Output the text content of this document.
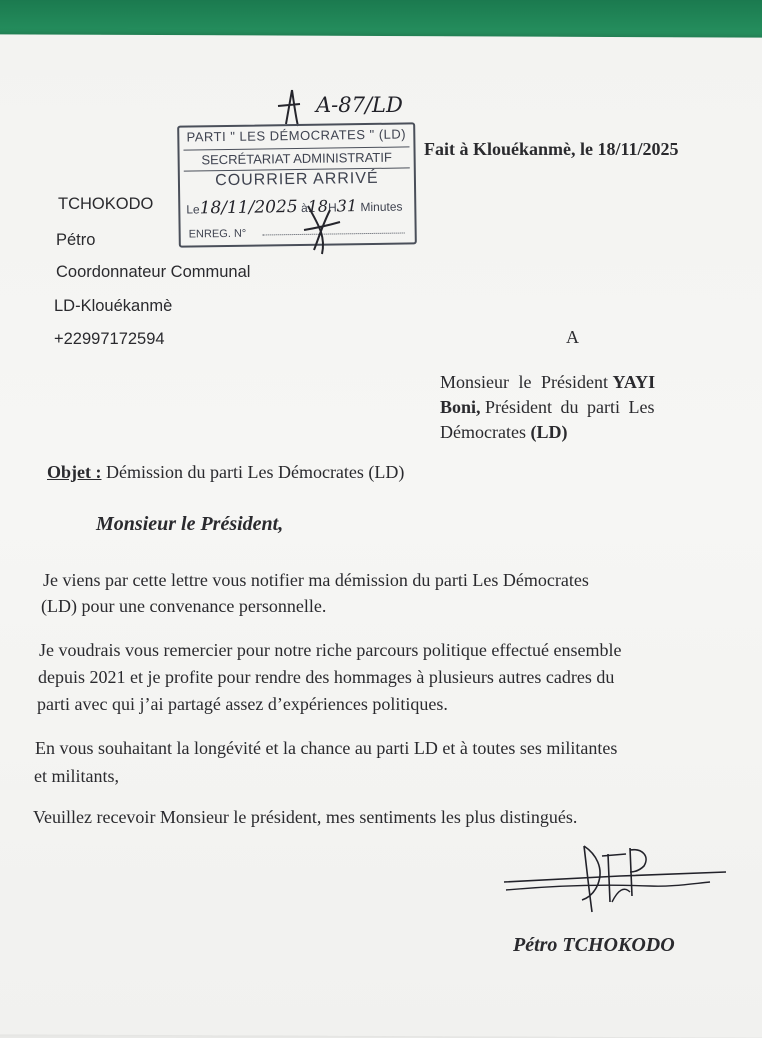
A-87/LD
PARTI " LES DÉMOCRATES " (LD)
SECRÉTARIAT ADMINISTRATIF
COURRIER ARRIVÉ
Le18/11/2025 à18H31 Minutes
ENREG. N°
Fait à Klouékanmè, le 18/11/2025
TCHOKODO
Pétro
Coordonnateur Communal
LD-Klouékanmè
+22997172594	A
Monsieur le Président YAYI
Boni, Président du parti Les
Démocrates (LD)
Objet : Démission du parti Les Démocrates (LD)
Monsieur le Président,
Je viens par cette lettre vous notifier ma démission du parti Les Démocrates
(LD) pour une convenance personnelle.
Je voudrais vous remercier pour notre riche parcours politique effectué ensemble
depuis 2021 et je profite pour rendre des hommages à plusieurs autres cadres du
parti avec qui j’ai partagé assez d’expériences politiques.
En vous souhaitant la longévité et la chance au parti LD et à toutes ses militantes
et militants,
Veuillez recevoir Monsieur le président, mes sentiments les plus distingués.
Pétro TCHOKODO
